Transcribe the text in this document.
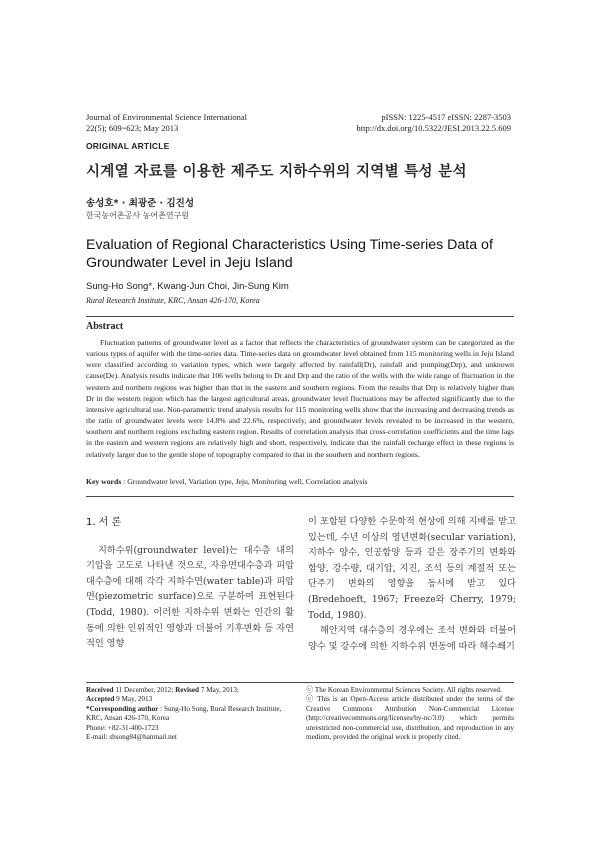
Journal of Environmental Science International
22(5); 609~623; May 2013
pISSN: 1225-4517 eISSN: 2287-3503
http://dx.doi.org/10.5322/JESI.2013.22.5.609
ORIGINAL ARTICLE
시계열 자료를 이용한 제주도 지하수위의 지역별 특성 분석
송성호* · 최광준 · 김진성
한국농어촌공사 농어촌연구원
Evaluation of Regional Characteristics Using Time-series Data of Groundwater Level in Jeju Island
Sung-Ho Song*, Kwang-Jun Choi, Jin-Sung Kim
Rural Research Institute, KRC, Ansan 426-170, Korea
Abstract
Fluctuation patterns of groundwater level as a factor that reflects the characteristics of groundwater system can be categorized as the various types of aquifer with the time-series data. Time-series data on groundwater level obtained from 115 monitoring wells in Jeju Island were classified according to variation types, which were largely affected by rainfall(Dr), rainfall and pumping(Drp), and unknown cause(De). Analysis results indicate that 106 wells belong to Dr and Drp and the ratio of the wells with the wide range of fluctuation in the western and northern regions was higher than that in the eastern and southern regions. From the results that Drp is relatively higher than Dr in the western region which has the largest agricultural areas, groundwater level fluctuations may be affected significantly due to the intensive agricultural use. Non-parametric trend analysis results for 115 monitoring wells show that the increasing and decreasing trends as the ratio of groundwater levels were 14.8% and 22.6%, respectively, and groundwater levels revealed to be increased in the western, southern and northern regions excluding eastern region. Results of correlation analysis that cross-correlation coefficients and the time lags in the eastern and western regions are relatively high and short, respectively, indicate that the rainfall recharge effect in these regions is relatively larger due to the gentle slope of topography compared to that in the southern and northern regions.
Key words : Groundwater level, Variation type, Jeju, Monitoring well, Correlation analysis
1. 서 론

지하수위(groundwater level)는 대수층 내의 기압을 고도로 나타낸 것으로, 자유면대수층과 피압대수층에 대해 각각 지하수면(water table)과 피압면(piezometric surface)으로 구분하여 표현된다(Todd, 1980). 이러한 지하수위 변화는 인간의 활동에 의한 인위적인 영향과 더불어 기후변화 등 자연적인 영향

이 포함된 다양한 수문학적 현상에 의해 지배를 받고 있는데, 수년 이상의 영년변화(secular variation), 지하수 양수, 인공함양 등과 같은 장주기의 변화와 함양, 강수량, 대기압, 지진, 조석 등의 계절적 또는 단주기 변화의 영향을 동시에 받고 있다(Bredehoeft, 1967; Freeze와 Cherry, 1979; Todd, 1980).

해안지역 대수층의 경우에는 조석 변화와 더불어 양수 및 강수에 의한 지하수위 변동에 따라 해수쐐기

Received 11 December, 2012; Revised 7 May, 2013;
Accepted 9 May, 2013
*Corresponding author : Sung-Ho Song, Rural Research Institute, KRC, Ansan 426-170, Korea
Phone: +82-31-400-1723
E-mail: shsong84@hanmail.net
ⓒ The Korean Environmental Sciences Society. All rights reserved.
ⓒ This is an Open-Access article distributed under the terms of the Creative Commons Attribution Non-Commercial License (http://creativecommons.org/licenses/by-nc/3.0) which permits unrestricted non-commercial use, distribution, and reproduction in any medium, provided the original work is properly cited.
